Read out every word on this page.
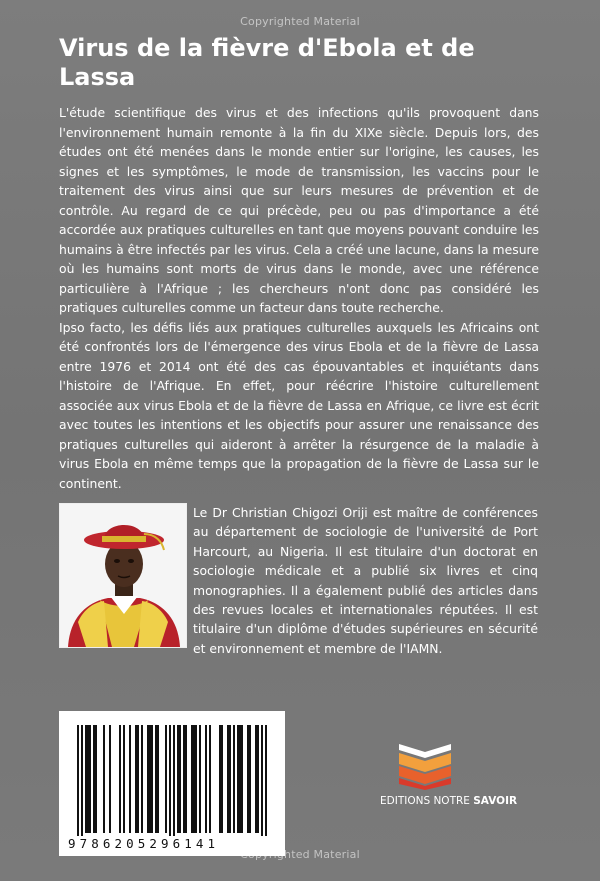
Copyrighted Material
Virus de la fièvre d'Ebola et de Lassa

L'étude scientifique des virus et des infections qu'ils provoquent dans l'environnement humain remonte à la fin du XIXe siècle. Depuis lors, des études ont été menées dans le monde entier sur l'origine, les causes, les signes et les symptômes, le mode de transmission, les vaccins pour le traitement des virus ainsi que sur leurs mesures de prévention et de contrôle. Au regard de ce qui précède, peu ou pas d'importance a été accordée aux pratiques culturelles en tant que moyens pouvant conduire les humains à être infectés par les virus. Cela a créé une lacune, dans la mesure où les humains sont morts de virus dans le monde, avec une référence particulière à l'Afrique ; les chercheurs n'ont donc pas considéré les pratiques culturelles comme un facteur dans toute recherche.

Ipso facto, les défis liés aux pratiques culturelles auxquels les Africains ont été confrontés lors de l'émergence des virus Ebola et de la fièvre de Lassa entre 1976 et 2014 ont été des cas épouvantables et inquiétants dans l'histoire de l'Afrique. En effet, pour réécrire l'histoire culturellement associée aux virus Ebola et de la fièvre de Lassa en Afrique, ce livre est écrit avec toutes les intentions et les objectifs pour assurer une renaissance des pratiques culturelles qui aideront à arrêter la résurgence de la maladie à virus Ebola en même temps que la propagation de la fièvre de Lassa sur le continent.

Le Dr Christian Chigozi Oriji est maître de conférences au département de sociologie de l'université de Port Harcourt, au Nigeria. Il est titulaire d'un doctorat en sociologie médicale et a publié six livres et cinq monographies. Il a également publié des articles dans des revues locales et internationales réputées. Il est titulaire d'un diplôme d'études supérieures en sécurité et environnement et membre de l'IAMN.
9786205296141
EDITIONS NOTRE SAVOIR
Copyrighted Material
